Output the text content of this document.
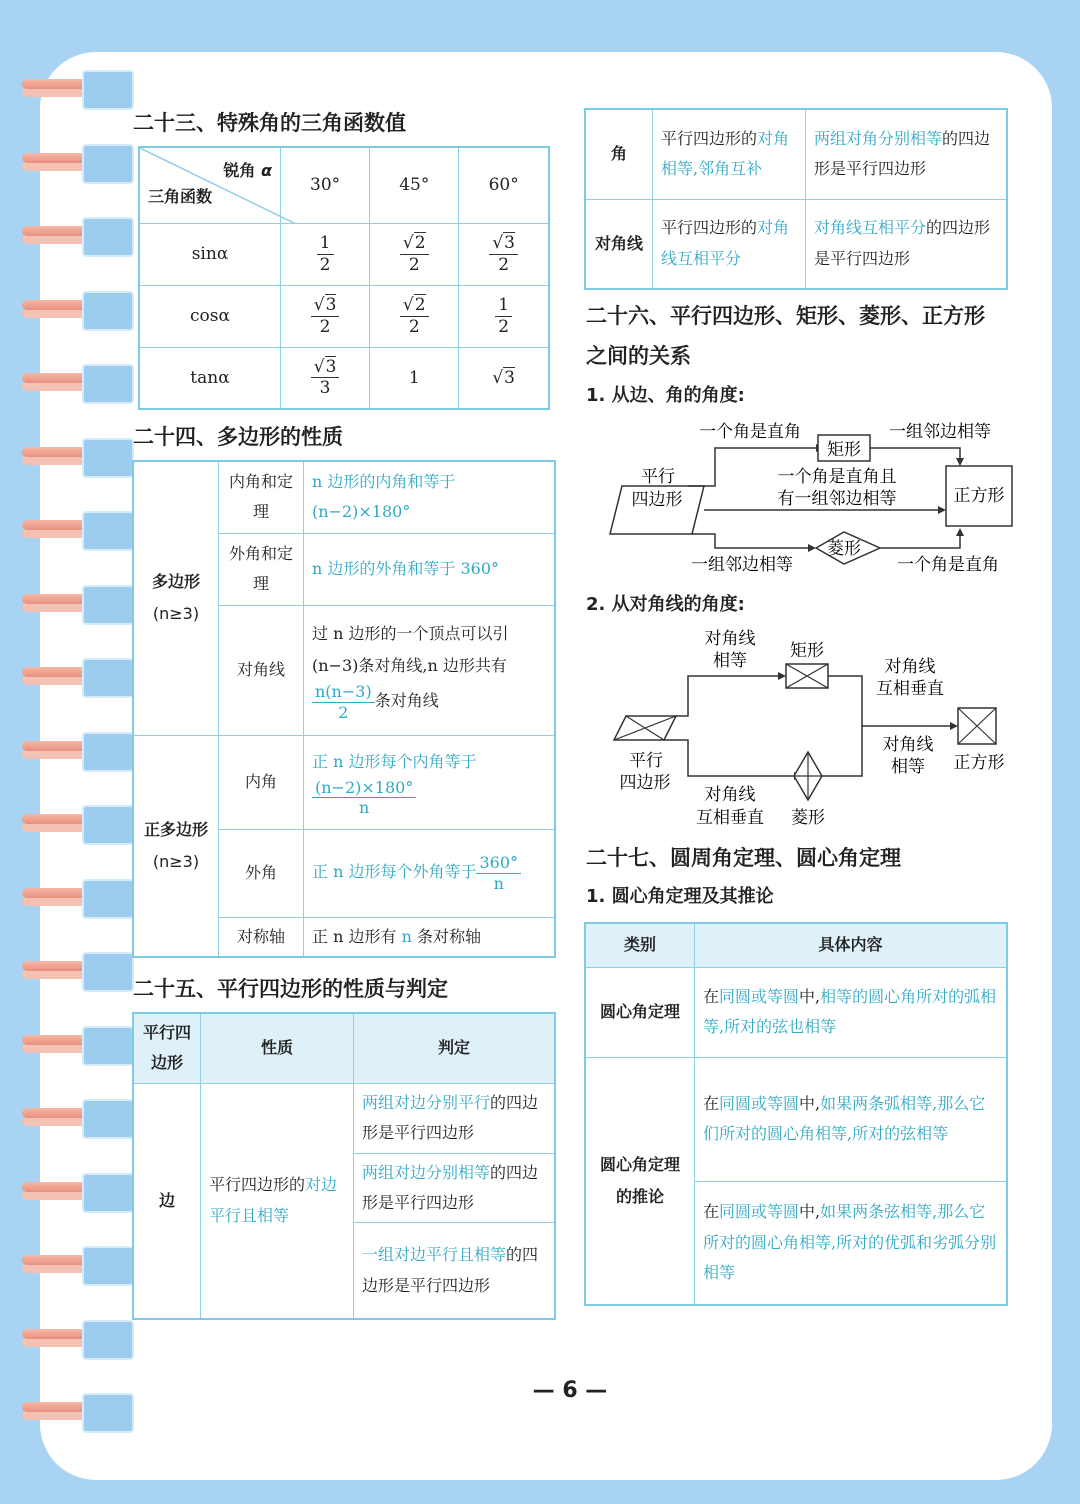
二十三、特殊角的三角函数值
锐角 α
三角函数	30°	45°	60°
sinα	$\frac{1}{2}$	$\frac{√2}{2}$	$\frac{√3}{2}$

cosα	$\frac{√3}{2}$	$\frac{√2}{2}$	$\frac{1}{2}$

tanα	$\frac{√3}{3}$	1	√3
二十四、多边形的性质
多边形
(n≥3)	内角和定理	n 边形的内角和等于(n−2)×180°
	外角和定理	n 边形的外角和等于 360°
	对角线	过 n 边形的一个顶点可以引(n−3)条对角线,n 边形共有
$\frac{n(n-3)}{2}$ 条对角线
正多边形
(n≥3)	内角	正 n 边形每个内角等于
$\frac{(n-2)\times 180^\circ}{n}$

	外角	正 n 边形每个外角等于 $\frac{360^\circ}{n}$

	对称轴	正 n 边形有 n 条对称轴
二十五、平行四边形的性质与判定
平行四边形	性质	判定
边	平行四边形的对边平行且相等	两组对边分别平行的四边形是平行四边形
		两组对边分别相等的四边形是平行四边形
		一组对边平行且相等的四边形是平行四边形
角	平行四边形的对角相等,邻角互补	两组对角分别相等的四边形是平行四边形
对角线	平行四边形的对角线互相平分	对角线互相平分的四边形是平行四边形
二十六、平行四边形、矩形、菱形、正方形
之间的关系
1. 从边、角的角度:
平行
四边形
矩形
正方形
一个角是直角	一组邻边相等
一个角是直角且
有一组邻边相等
菱形
一组邻边相等	一个角是直角
2. 从对角线的角度:
平行
四边形
矩形
对角线
相等	对角线
互相垂直
正方形
对角线
互相垂直 菱形
对角线
相等
二十七、圆周角定理、圆心角定理
1. 圆心角定理及其推论
类别	具体内容
圆心角定理	在同圆或等圆中,相等的圆心角所对的弧相等,所对的弦也相等
圆心角定理的推论	在同圆或等圆中,如果两条弧相等,那么它们所对的圆心角相等,所对的弦相等
	在同圆或等圆中,如果两条弦相等,那么它所对的圆心角相等,所对的优弧和劣弧分别相等
— 6 —
